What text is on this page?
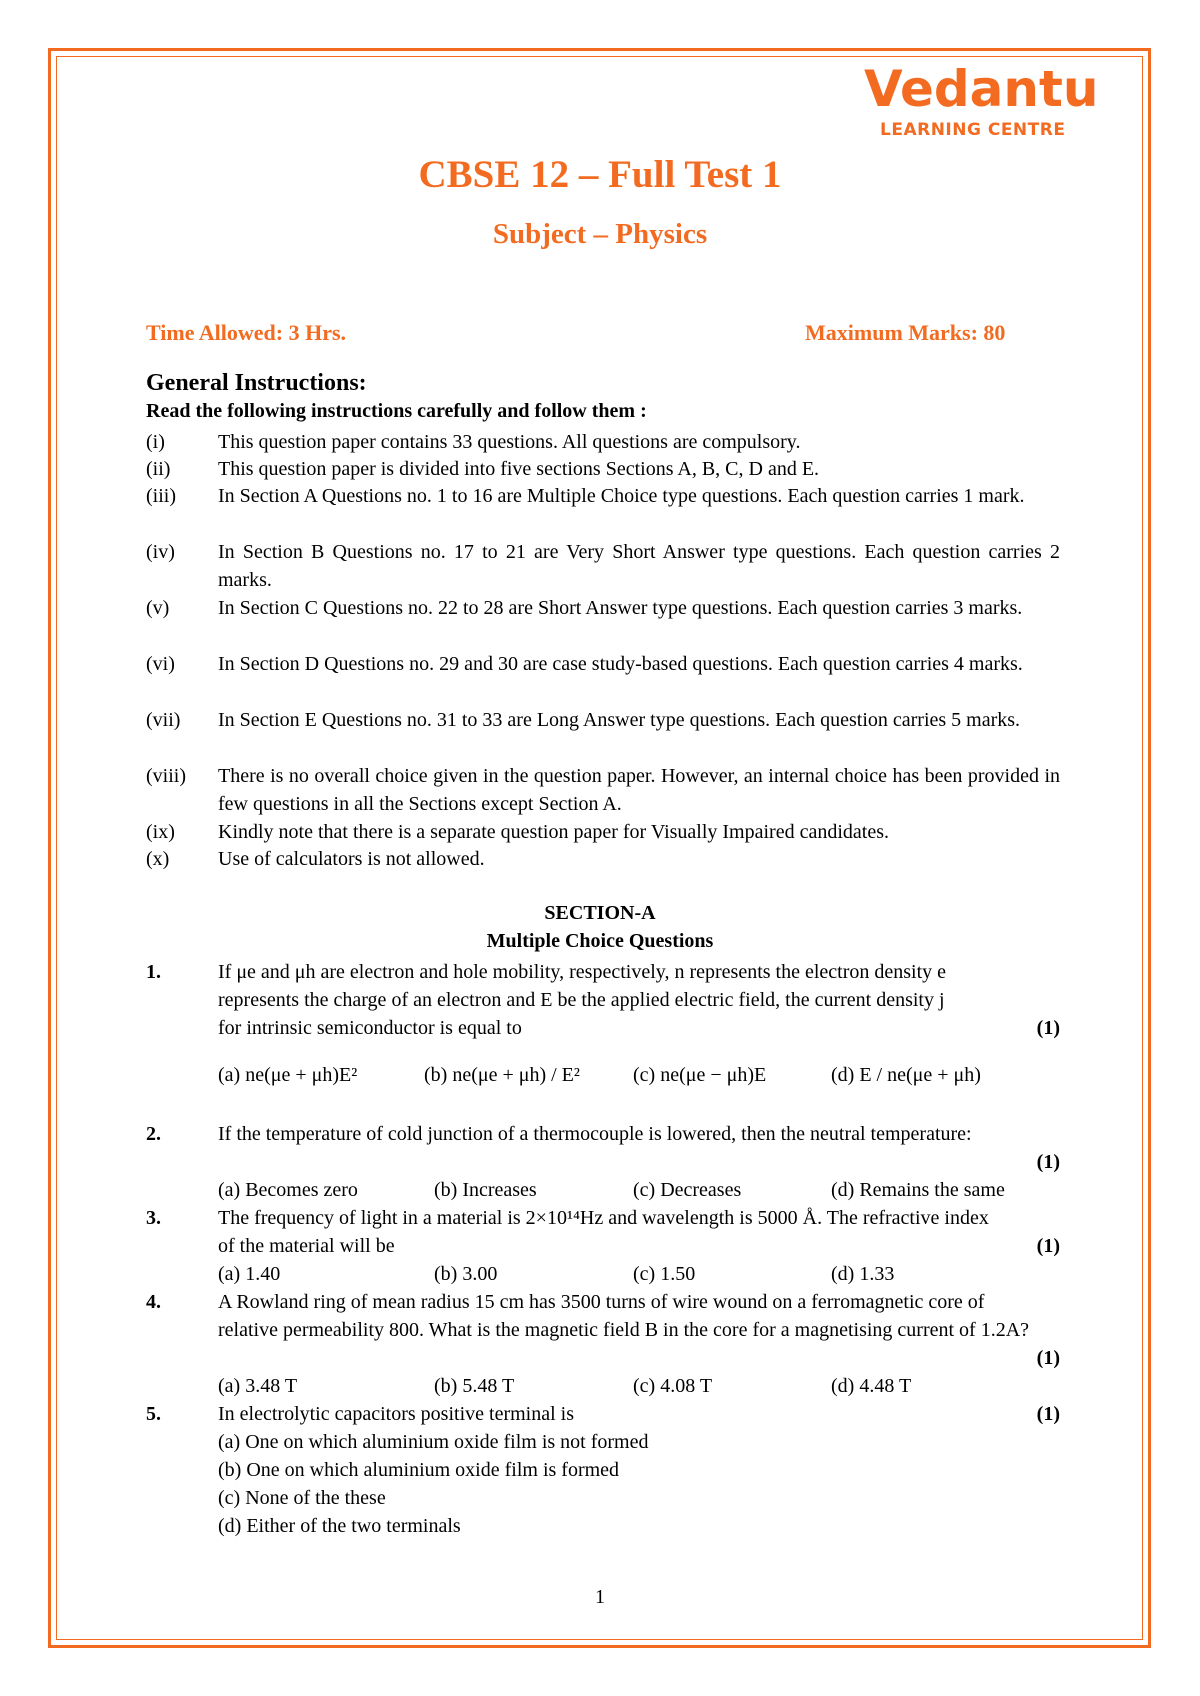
Vedantu
LEARNING CENTRE
CBSE 12 – Full Test 1
Subject – Physics
Time Allowed: 3 Hrs.	Maximum Marks: 80
General Instructions:
Read the following instructions carefully and follow them :
(i)	This question paper contains 33 questions. All questions are compulsory.
(ii) This question paper is divided into five sections Sections A, B, C, D and E.
(iii) In Section A Questions no. 1 to 16 are Multiple Choice type questions. Each question carries 1 mark.
(iv) In Section B Questions no. 17 to 21 are Very Short Answer type questions. Each question carries 2 marks.
(v) In Section C Questions no. 22 to 28 are Short Answer type questions. Each question carries 3 marks.
(vi) In Section D Questions no. 29 and 30 are case study-based questions. Each question carries 4 marks.
(vii) In Section E Questions no. 31 to 33 are Long Answer type questions. Each question carries 5 marks.
(viii) There is no overall choice given in the question paper. However, an internal choice has been provided in few questions in all the Sections except Section A.
(ix) Kindly note that there is a separate question paper for Visually Impaired candidates.
(x) Use of calculators is not allowed.
SECTION-A
Multiple Choice Questions
1.	If μe and μh are electron and hole mobility, respectively, n represents the electron density e represents the charge of an electron and E be the applied electric field, the current density j for intrinsic semiconductor is equal to	(1)
(a) ne(μe + μh)E²	(b) ne(μe + μh) / E²	(c) ne(μe − μh)E	(d) E / ne(μe + μh)
2.	If the temperature of cold junction of a thermocouple is lowered, then the neutral temperature:
(1)
(a) Becomes zero	(b) Increases	(c) Decreases	(d) Remains the same
3.	The frequency of light in a material is 2×10¹⁴Hz and wavelength is 5000 Å. The refractive index of the material will be	(1)
(a) 1.40	(b) 3.00	(c) 1.50	(d) 1.33
4.	A Rowland ring of mean radius 15 cm has 3500 turns of wire wound on a ferromagnetic core of relative permeability 800. What is the magnetic field B in the core for a magnetising current of 1.2A?
(1)
(a) 3.48 T	(b) 5.48 T	(c) 4.08 T	(d) 4.48 T
5.	In electrolytic capacitors positive terminal is	(1)
(a) One on which aluminium oxide film is not formed
(b) One on which aluminium oxide film is formed
(c) None of the these
(d) Either of the two terminals
1
